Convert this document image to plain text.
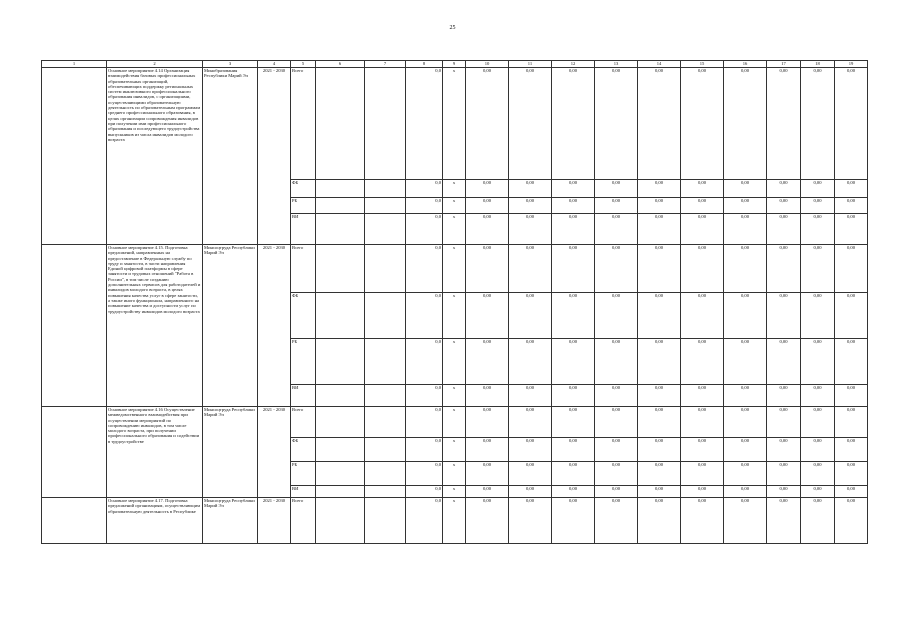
25
1	2	3	4	5	6	7	8	9	10	11	12	13	14	15	16	17	18	19
	Основное мероприятие 4.14 Организация взаимодействия базовых профессиональных образовательных организаций, обеспечивающих поддержку региональных систем инклюзивного профессионального образования инвалидов, с организациями, осуществляющими образовательную деятельность по образовательным программам среднего профессионального образования, в целях организации сопровождения инвалидов при получении ими профессионального образования и последующего трудоустройства выпускников из числа инвалидов молодого возраста	Минобразования Республики Марий Эл	2021 - 2030	Всего			0,0	х	0,00	0,00	0,00	0,00	0,00	0,00	0,00	0,00	0,00	0,00
				ФБ			0,0	х	0,00	0,00	0,00	0,00	0,00	0,00	0,00	0,00	0,00	0,00
				РБ			0,0	х	0,00	0,00	0,00	0,00	0,00	0,00	0,00	0,00	0,00	0,00
				ВИ			0,0	х	0,00	0,00	0,00	0,00	0,00	0,00	0,00	0,00	0,00	0,00
	Основное мероприятие 4.15. Подготовка предложений, направленных на предоставление в Федеральную службу по труду и занятости, в части направления Единой цифровой платформы в сфере занятости и трудовых отношений "Работа в России", в том числе созданию дополнительных сервисов для работодателей и инвалидов молодого возраста, в целях повышения качества услуг в сфере занятости, а также иного функционала, направленного на повышение качества и доступности услуг по трудоустройству инвалидов молодого возраста	Минсоцтруда Республики Марий Эл	2021 - 2030	Всего			0,0	х	0,00	0,00	0,00	0,00	0,00	0,00	0,00	0,00	0,00	0,00
				ФБ			0,0	х	0,00	0,00	0,00	0,00	0,00	0,00	0,00	0,00	0,00	0,00
				РБ			0,0	х	0,00	0,00	0,00	0,00	0,00	0,00	0,00	0,00	0,00	0,00
				ВИ			0,0	х	0,00	0,00	0,00	0,00	0,00	0,00	0,00	0,00	0,00	0,00
	Основное мероприятие 4.16 Осуществление межведомственного взаимодействия при осуществлении мероприятий по сопровождению инвалидов, в том числе молодого возраста, при получении профессионального образования и содействии в трудоустройстве	Минсоцтруда Республики Марий Эл	2021 - 2030	Всего			0,0	х	0,00	0,00	0,00	0,00	0,00	0,00	0,00	0,00	0,00	0,00
				ФБ			0,0	х	0,00	0,00	0,00	0,00	0,00	0,00	0,00	0,00	0,00	0,00
				РБ			0,0	х	0,00	0,00	0,00	0,00	0,00	0,00	0,00	0,00	0,00	0,00
				ВИ			0,0	х	0,00	0,00	0,00	0,00	0,00	0,00	0,00	0,00	0,00	0,00
	Основное мероприятие 4.17. Подготовка предложений организациям, осуществляющим образовательную деятельность в Республике	Минсоцтруда Республики Марий Эл	2021 - 2030	Всего			0,0	х	0,00	0,00	0,00	0,00	0,00	0,00	0,00	0,00	0,00	0,00
